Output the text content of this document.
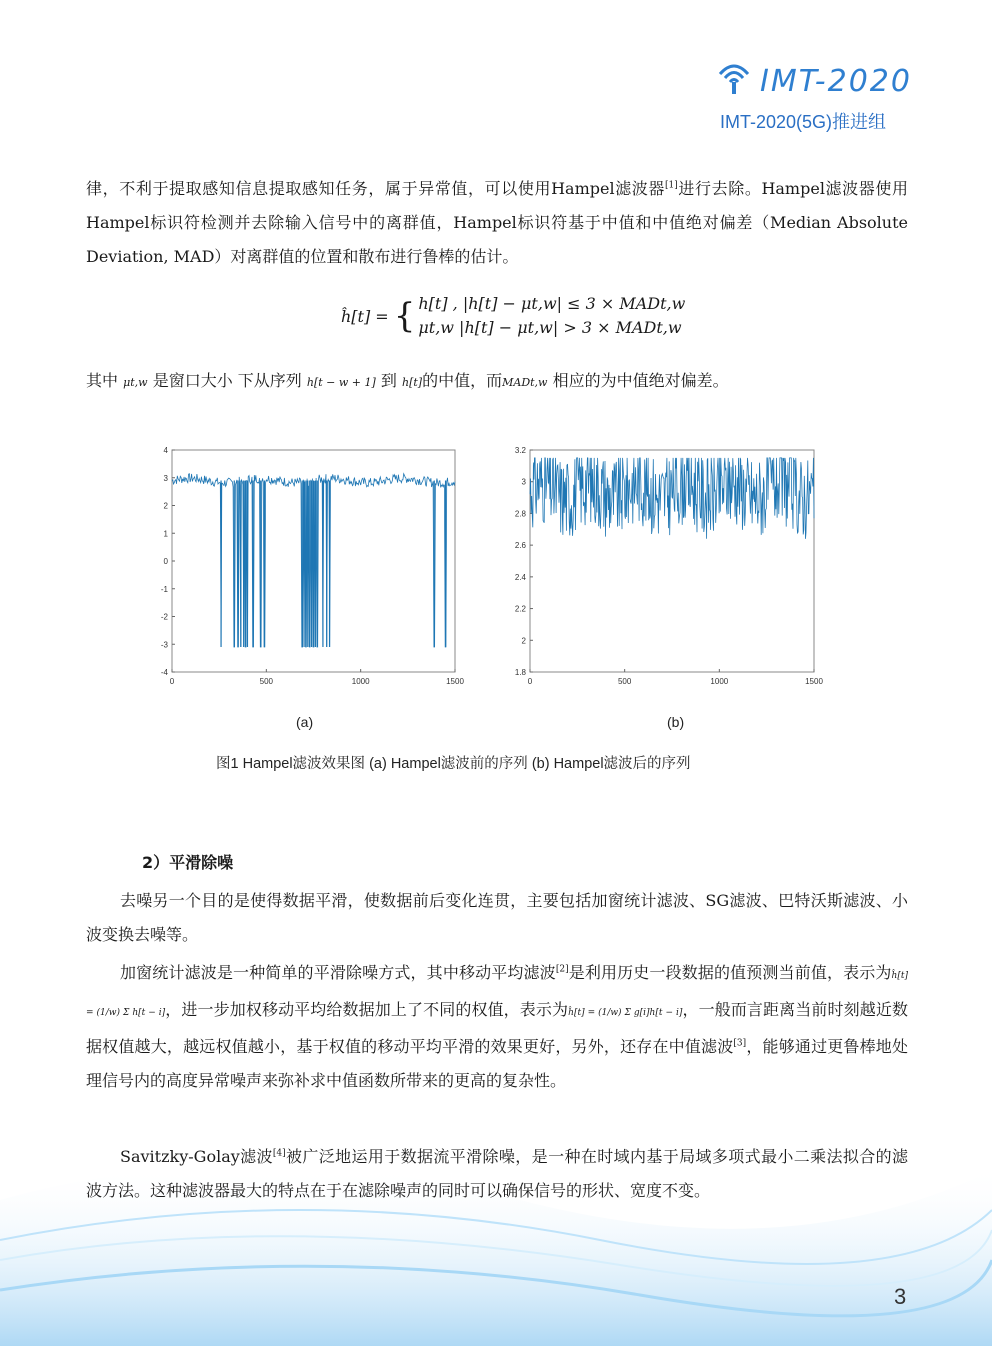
IMT-2020
IMT-2020(5G)推进组

律，不利于提取感知信息提取感知任务，属于异常值，可以使用Hampel滤波器[1]进行去除。Hampel滤波器使用Hampel标识符检测并去除输入信号中的离群值，Hampel标识符基于中值和中值绝对偏差（Median Absolute Deviation, MAD）对离群值的位置和散布进行鲁棒的估计。

ĥ[t] =	{	h[t] , |h[t] − μt,w| ≤ 3 × MADt,w
μt,w |h[t] − μt,w| > 3 × MADt,w

其中 μt,w 是窗口大小 下从序列 h[t − w + 1] 到 h[t]的中值，而MADt,w 相应的为中值绝对偏差。

0	500	1000	1500
4
3
2
1
0
-1
-2
-3
-4
0	500	1000	1500
3.2
3
2.8
2.6
2.4
2.2
2
1.8
(a)	(b)
图1 Hampel滤波效果图 (a) Hampel滤波前的序列 (b) Hampel滤波后的序列
2）平滑除噪

去噪另一个目的是使得数据平滑，使数据前后变化连贯，主要包括加窗统计滤波、SG滤波、巴特沃斯滤波、小波变换去噪等。

加窗统计滤波是一种简单的平滑除噪方式，其中移动平均滤波[2]是利用历史一段数据的值预测当前值，表示为ĥ[t] = (1/w) Σ h[t − i]，进一步加权移动平均给数据加上了不同的权值，表示为ĥ[t] = (1/w) Σ g[i]h[t − i]，一般而言距离当前时刻越近数据权值越大，越远权值越小，基于权值的移动平均平滑的效果更好，另外，还存在中值滤波[3]，能够通过更鲁棒地处理信号内的高度异常噪声来弥补求中值函数所带来的更高的复杂性。

Savitzky-Golay滤波[4]被广泛地运用于数据流平滑除噪，是一种在时域内基于局域多项式最小二乘法拟合的滤波方法。这种滤波器最大的特点在于在滤除噪声的同时可以确保信号的形状、宽度不变。

3
